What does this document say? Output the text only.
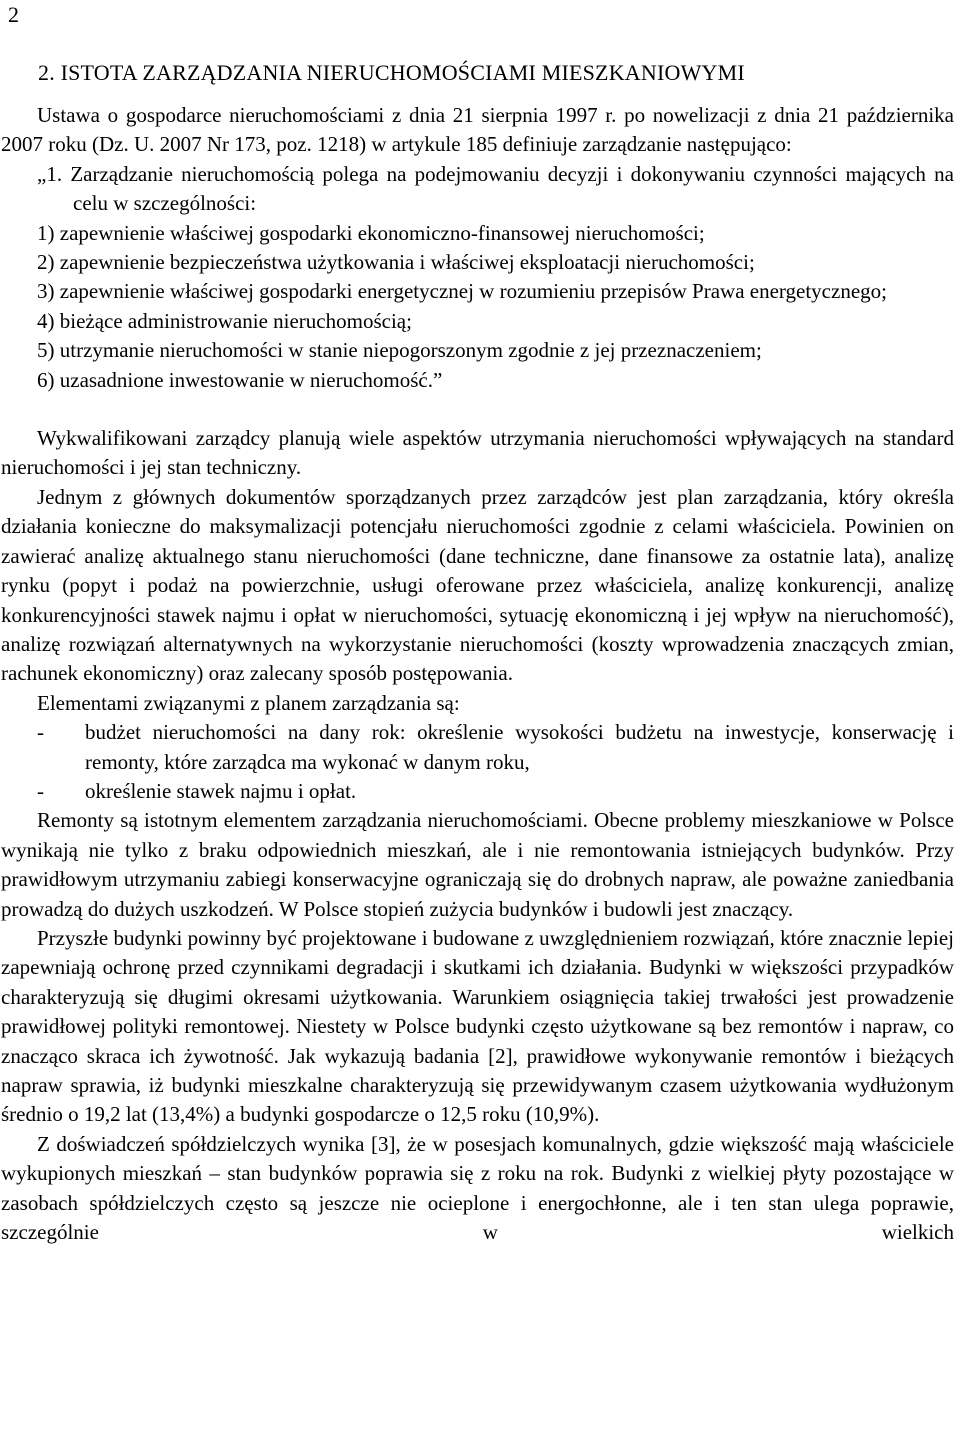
2
2. ISTOTA ZARZĄDZANIA NIERUCHOMOŚCIAMI MIESZKANIOWYMI

Ustawa o gospodarce nieruchomościami z dnia 21 sierpnia 1997 r. po nowelizacji z dnia 21 października 2007 roku (Dz. U. 2007 Nr 173, poz. 1218) w artykule 185 definiuje zarządzanie następująco:

„1. Zarządzanie nieruchomością polega na podejmowaniu decyzji i dokonywaniu czynności mających na celu w szczególności:

1) zapewnienie właściwej gospodarki ekonomiczno-finansowej nieruchomości;

2) zapewnienie bezpieczeństwa użytkowania i właściwej eksploatacji nieruchomości;

3) zapewnienie właściwej gospodarki energetycznej w rozumieniu przepisów Prawa energetycznego;

4) bieżące administrowanie nieruchomością;

5) utrzymanie nieruchomości w stanie niepogorszonym zgodnie z jej przeznaczeniem;

6) uzasadnione inwestowanie w nieruchomość.”

Wykwalifikowani zarządcy planują wiele aspektów utrzymania nieruchomości wpływających na standard nieruchomości i jej stan techniczny.

Jednym z głównych dokumentów sporządzanych przez zarządców jest plan zarządzania, który określa działania konieczne do maksymalizacji potencjału nieruchomości zgodnie z celami właściciela. Powinien on zawierać analizę aktualnego stanu nieruchomości (dane techniczne, dane finansowe za ostatnie lata), analizę rynku (popyt i podaż na powierzchnie, usługi oferowane przez właściciela, analizę konkurencji, analizę konkurencyjności stawek najmu i opłat w nieruchomości, sytuację ekonomiczną i jej wpływ na nieruchomość), analizę rozwiązań alternatywnych na wykorzystanie nieruchomości (koszty wprowadzenia znaczących zmian, rachunek ekonomiczny) oraz zalecany sposób postępowania.

Elementami związanymi z planem zarządzania są:

-	budżet nieruchomości na dany rok: określenie wysokości budżetu na inwestycje, konserwację i remonty, które zarządca ma wykonać w danym roku,
-	określenie stawek najmu i opłat.

Remonty są istotnym elementem zarządzania nieruchomościami. Obecne problemy mieszkaniowe w Polsce wynikają nie tylko z braku odpowiednich mieszkań, ale i nie remontowania istniejących budynków. Przy prawidłowym utrzymaniu zabiegi konserwacyjne ograniczają się do drobnych napraw, ale poważne zaniedbania prowadzą do dużych uszkodzeń. W Polsce stopień zużycia budynków i budowli jest znaczący.

Przyszłe budynki powinny być projektowane i budowane z uwzględnieniem rozwiązań, które znacznie lepiej zapewniają ochronę przed czynnikami degradacji i skutkami ich działania. Budynki w większości przypadków charakteryzują się długimi okresami użytkowania. Warunkiem osiągnięcia takiej trwałości jest prowadzenie prawidłowej polityki remontowej. Niestety w Polsce budynki często użytkowane są bez remontów i napraw, co znacząco skraca ich żywotność. Jak wykazują badania [2], prawidłowe wykonywanie remontów i bieżących napraw sprawia, iż budynki mieszkalne charakteryzują się przewidywanym czasem użytkowania wydłużonym średnio o 19,2 lat (13,4%) a budynki gospodarcze o 12,5 roku (10,9%).

Z doświadczeń spółdzielczych wynika [3], że w posesjach komunalnych, gdzie większość mają właściciele wykupionych mieszkań – stan budynków poprawia się z roku na rok. Budynki z wielkiej płyty pozostające w zasobach spółdzielczych często są jeszcze nie ocieplone i energochłonne, ale i ten stan ulega poprawie, szczególnie w wielkich
